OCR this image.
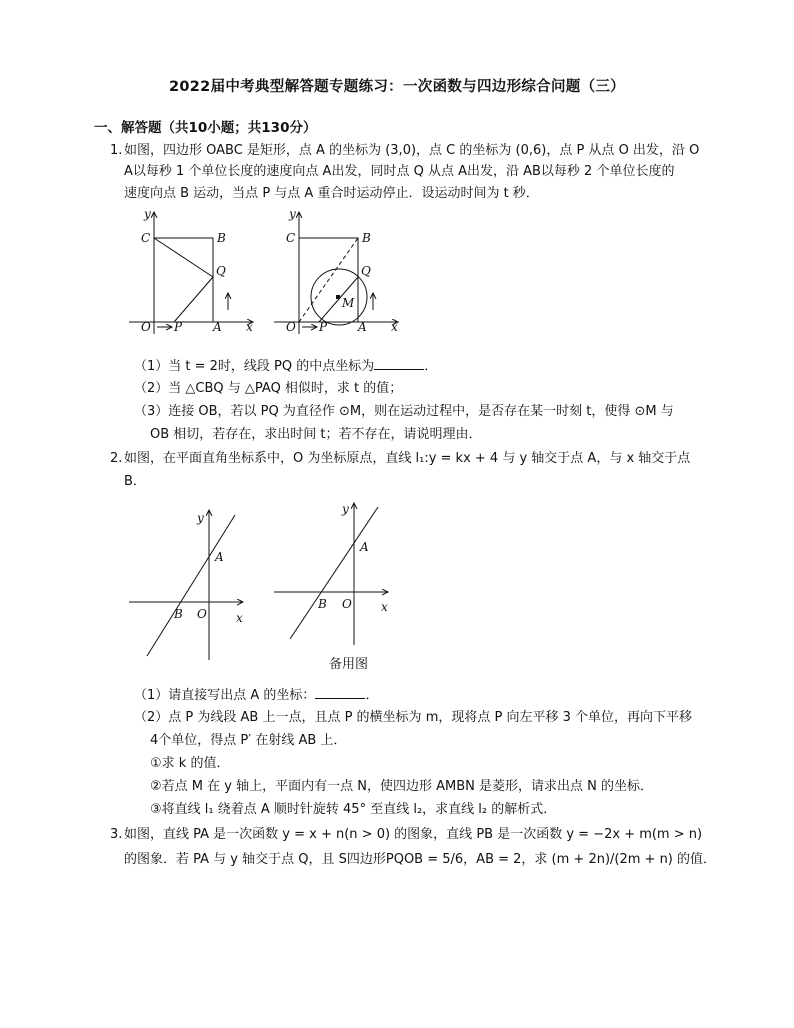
2022届中考典型解答题专题练习：一次函数与四边形综合问题（三）
一、解答题（共10小题；共130分）
1. 如图，四边形 OABC 是矩形，点 A 的坐标为 (3,0)，点 C 的坐标为 (0,6)，点 P 从点 O 出发，沿 O
A以每秒 1 个单位长度的速度向点 A出发，同时点 Q 从点 A出发，沿 AB以每秒 2 个单位长度的
速度向点 B 运动，当点 P 与点 A 重合时运动停止．设运动时间为 t 秒．
y
x
O P	A
B
C
Q
y
x
O P	A
B
C
Q
M
（1）当 t = 2时，线段 PQ 的中点坐标为	．
（2）当 △CBQ 与 △PAQ 相似时，求 t 的值；
（3）连接 OB，若以 PQ 为直径作 ⊙M，则在运动过程中，是否存在某一时刻 t，使得 ⊙M 与
OB 相切，若存在，求出时间 t；若不存在，请说明理由．
2. 如图，在平面直角坐标系中，O 为坐标原点，直线 l₁:y = kx + 4 与 y 轴交于点 A，与 x 轴交于点
B．
y
x
O
B
A
y
x
O
B
A
备用图
（1）请直接写出点 A 的坐标：	．
（2）点 P 为线段 AB 上一点，且点 P 的横坐标为 m，现将点 P 向左平移 3 个单位，再向下平移
4个单位，得点 P′ 在射线 AB 上．
①求 k 的值．
②若点 M 在 y 轴上，平面内有一点 N，使四边形 AMBN 是菱形，请求出点 N 的坐标．
③将直线 l₁ 绕着点 A 顺时针旋转 45° 至直线 l₂，求直线 l₂ 的解析式．
3. 如图，直线 PA 是一次函数 y = x + n(n > 0) 的图象，直线 PB 是一次函数 y = −2x + m(m > n)
的图象．若 PA 与 y 轴交于点 Q，且 S四边形PQOB = 5/6，AB = 2，求 (m + 2n)/(2m + n) 的值．
